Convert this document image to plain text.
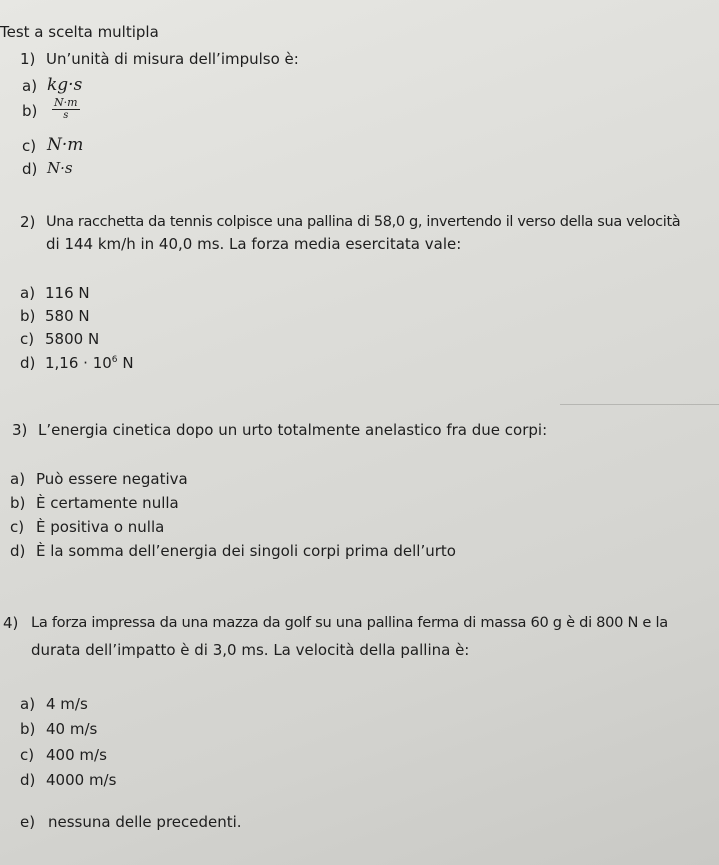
Test a scelta multipla
1) Un’unità di misura dell’impulso è:
a) kg·s
$b) \frac{N\cdot m}{s}$
c) N·m
d) N·s
2) Una racchetta da tennis colpisce una pallina di 58,0 g, invertendo il verso della sua velocità
di 144 km/h in 40,0 ms. La forza media esercitata vale:
a) 116 N
b) 580 N
c) 5800 N
d) $1,16 \cdot 10^6$ N
3) L’energia cinetica dopo un urto totalmente anelastico fra due corpi:
a) Può essere negativa
b) È certamente nulla
c) È positiva o nulla
d) È la somma dell’energia dei singoli corpi prima dell’urto
4) La forza impressa da una mazza da golf su una pallina ferma di massa 60 g è di 800 N e la
durata dell’impatto è di 3,0 ms. La velocità della pallina è:
a) 4 m/s
b) 40 m/s
c) 400 m/s
d) 4000 m/s
e) nessuna delle precedenti.
